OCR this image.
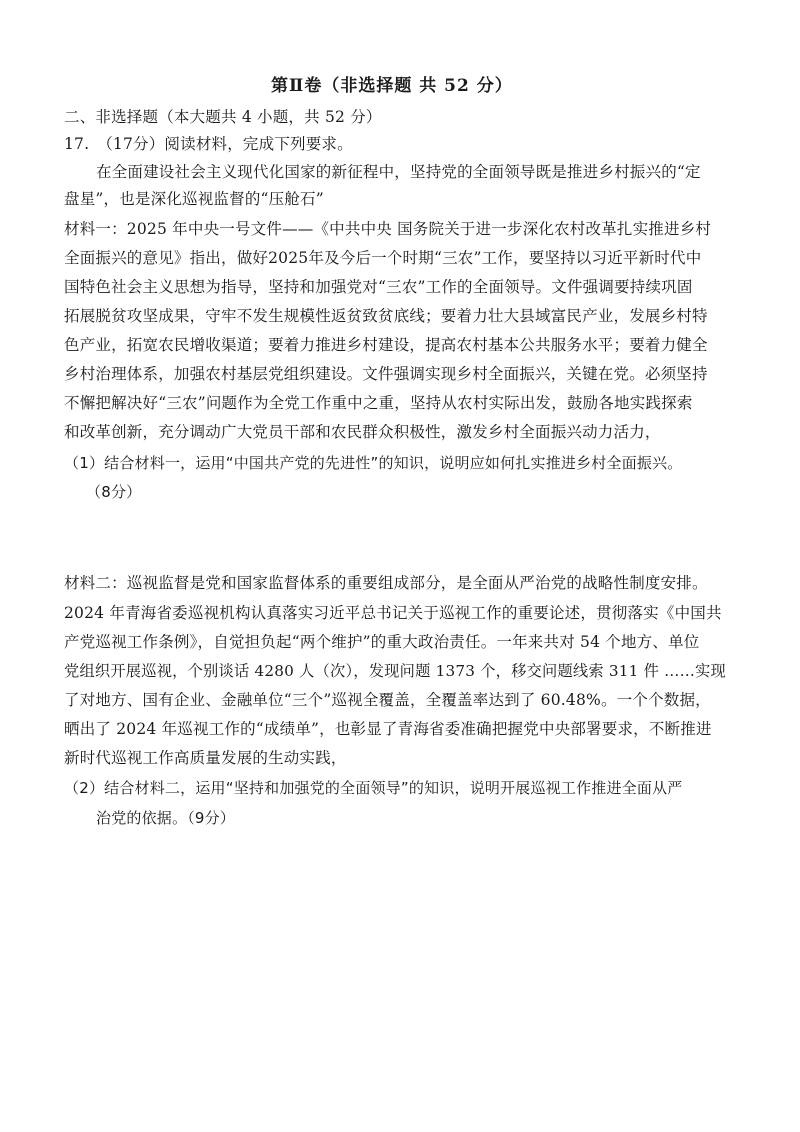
第Ⅱ卷（非选择题 共 52 分）
二、非选择题（本大题共 4 小题，共 52 分）
17.　（17分）阅读材料，完成下列要求。
在全面建设社会主义现代化国家的新征程中，坚持党的全面领导既是推进乡村振兴的“定
盘星”，也是深化巡视监督的“压舱石”
材料一：2025 年中央一号文件——《中共中央 国务院关于进一步深化农村改革扎实推进乡村
全面振兴的意见》指出，做好2025年及今后一个时期“三农”工作，要坚持以习近平新时代中
国特色社会主义思想为指导，坚持和加强党对“三农”工作的全面领导。文件强调要持续巩固
拓展脱贫攻坚成果，守牢不发生规模性返贫致贫底线；要着力壮大县域富民产业，发展乡村特
色产业，拓宽农民增收渠道；要着力推进乡村建设，提高农村基本公共服务水平；要着力健全
乡村治理体系，加强农村基层党组织建设。文件强调实现乡村全面振兴，关键在党。必须坚持
不懈把解决好“三农”问题作为全党工作重中之重，坚持从农村实际出发，鼓励各地实践探索
和改革创新，充分调动广大党员干部和农民群众积极性，激发乡村全面振兴动力活力，
（1）结合材料一，运用“中国共产党的先进性”的知识，说明应如何扎实推进乡村全面振兴。
（8分）
材料二：巡视监督是党和国家监督体系的重要组成部分，是全面从严治党的战略性制度安排。
2024 年青海省委巡视机构认真落实习近平总书记关于巡视工作的重要论述，贯彻落实《中国共
产党巡视工作条例》，自觉担负起“两个维护”的重大政治责任。一年来共对 54 个地方、单位
党组织开展巡视，个别谈话 4280 人（次），发现问题 1373 个，移交问题线索 311 件 ……实现
了对地方、国有企业、金融单位“三个”巡视全覆盖，全覆盖率达到了 60.48%。一个个数据，
晒出了 2024 年巡视工作的“成绩单”，也彰显了青海省委准确把握党中央部署要求，不断推进
新时代巡视工作高质量发展的生动实践，
（2）结合材料二，运用“坚持和加强党的全面领导”的知识，说明开展巡视工作推进全面从严
治党的依据。（9分）
